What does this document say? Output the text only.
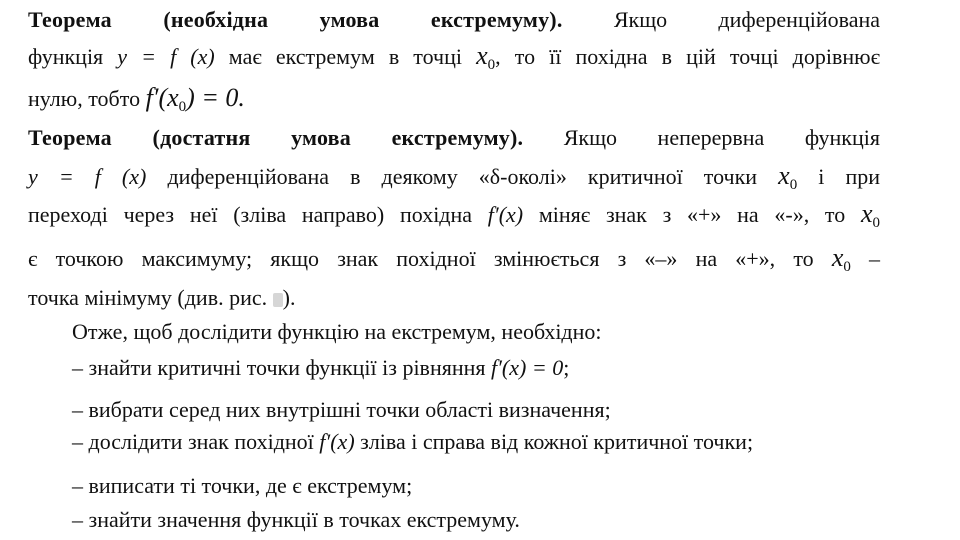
Теорема (необхідна умова екстремуму). Якщо диференційована
функція y = f (x) має екстремум в точці $x_0$, то її похідна в цій точці дорівнює
нулю, тобто $f'(x_0) = 0$.
Теорема (достатня умова екстремуму). Якщо неперервна функція
y = f (x) диференційована в деякому «δ-околі» критичної точки $x_0$ і при
переході через неї (зліва направо) похідна f′(x) міняє знак з «+» на «-», то $x_0$
є точкою максимуму; якщо знак похідної змінюється з «–» на «+», то $x_0$ –
точка мінімуму (див. рис. ).
Отже, щоб дослідити функцію на екстремум, необхідно:
– знайти критичні точки функції із рівняння f′(x) = 0;
– вибрати серед них внутрішні точки області визначення;
– дослідити знак похідної f′(x) зліва і справа від кожної критичної точки;
– виписати ті точки, де є екстремум;
– знайти значення функції в точках екстремуму.
